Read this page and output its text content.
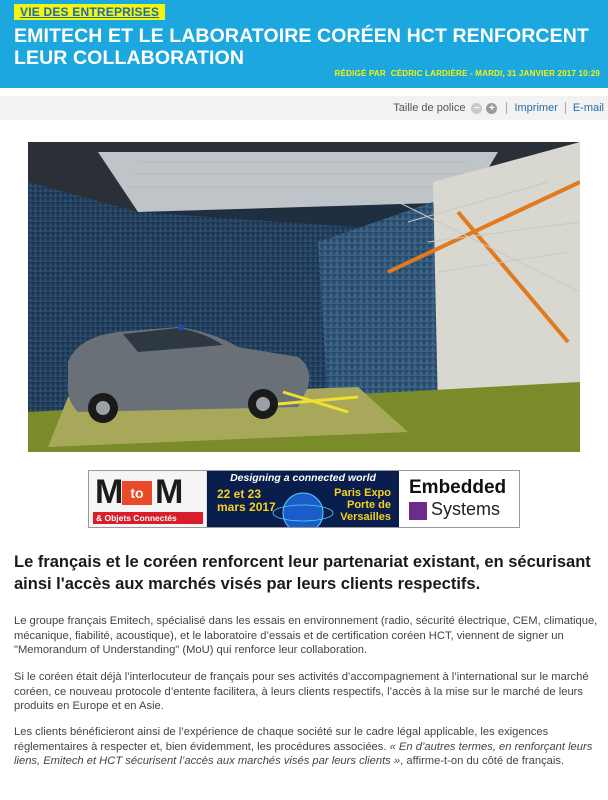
VIE DES ENTREPRISES
EMITECH ET LE LABORATOIRE CORÉEN HCT RENFORCENT LEUR COLLABORATION
RÉDIGÉ PAR CÉDRIC LARDIÈRE - MARDI, 31 JANVIER 2017 10:29
Taille de police − + Imprimer E-mail
M to M
& Objets Connectés
Designing a connected world
22 et 23
mars 2017
Paris Expo
Porte de
Versailles
Embedded
Systems
Le français et le coréen renforcent leur partenariat existant, en sécurisant ainsi l'accès aux marchés visés par leurs clients respectifs.

Le groupe français Emitech, spécialisé dans les essais en environnement (radio, sécurité électrique, CEM, climatique, mécanique, fiabilité, acoustique), et le laboratoire d’essais et de certification coréen HCT, viennent de signer un "Memorandum of Understanding" (MoU) qui renforce leur collaboration.

Si le coréen était déjà l’interlocuteur de français pour ses activités d’accompagnement à l’international sur le marché coréen, ce nouveau protocole d’entente facilitera, à leurs clients respectifs, l’accès à la mise sur le marché de leurs produits en Europe et en Asie.

Les clients bénéficieront ainsi de l’expérience de chaque société sur le cadre légal applicable, les exigences réglementaires à respecter et, bien évidemment, les procédures associées. « En d’autres termes, en renforçant leurs liens, Emitech et HCT sécurisent l’accès aux marchés visés par leurs clients », affirme-t-on du côté de français.
